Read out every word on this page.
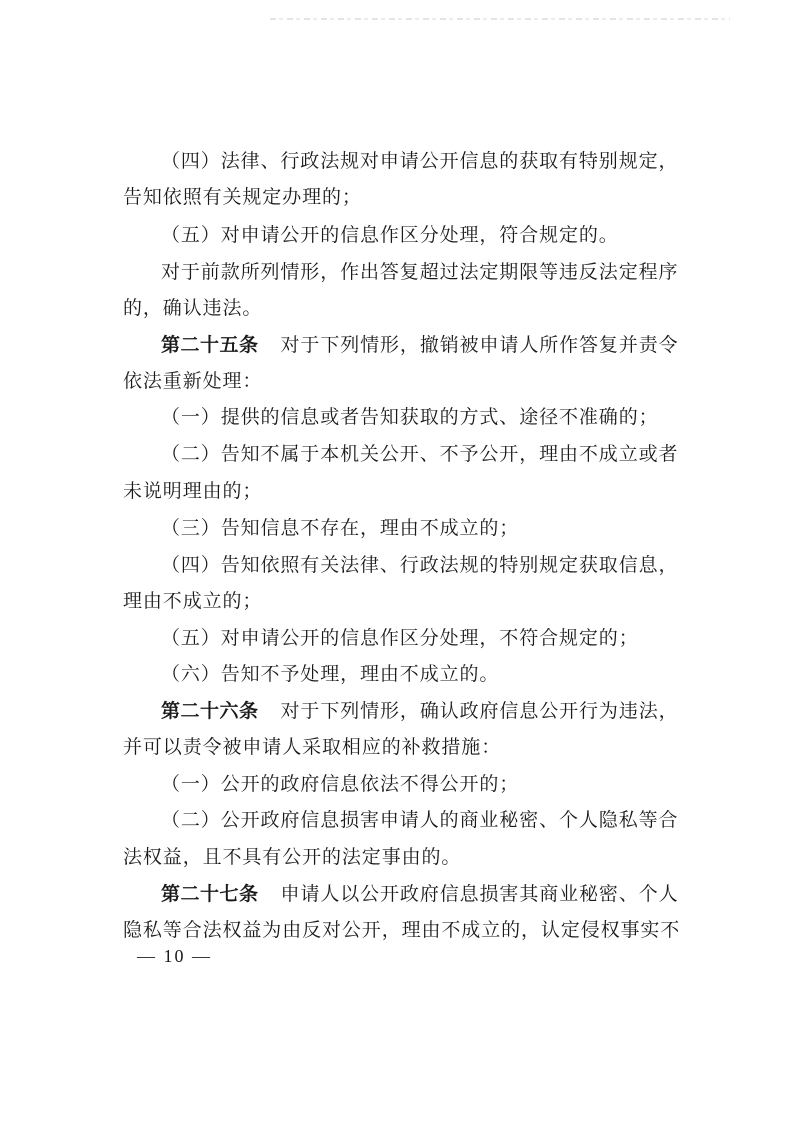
（四）法律、行政法规对申请公开信息的获取有特别规定，
告知依照有关规定办理的；
（五）对申请公开的信息作区分处理，符合规定的。
对于前款所列情形，作出答复超过法定期限等违反法定程序
的，确认违法。
第二十五条 对于下列情形，撤销被申请人所作答复并责令
依法重新处理：
（一）提供的信息或者告知获取的方式、途径不准确的；
（二）告知不属于本机关公开、不予公开，理由不成立或者
未说明理由的；
（三）告知信息不存在，理由不成立的；
（四）告知依照有关法律、行政法规的特别规定获取信息，
理由不成立的；
（五）对申请公开的信息作区分处理，不符合规定的；
（六）告知不予处理，理由不成立的。
第二十六条 对于下列情形，确认政府信息公开行为违法，
并可以责令被申请人采取相应的补救措施：
（一）公开的政府信息依法不得公开的；
（二）公开政府信息损害申请人的商业秘密、个人隐私等合
法权益，且不具有公开的法定事由的。
第二十七条 申请人以公开政府信息损害其商业秘密、个人
隐私等合法权益为由反对公开，理由不成立的，认定侵权事实不
— 10 —
